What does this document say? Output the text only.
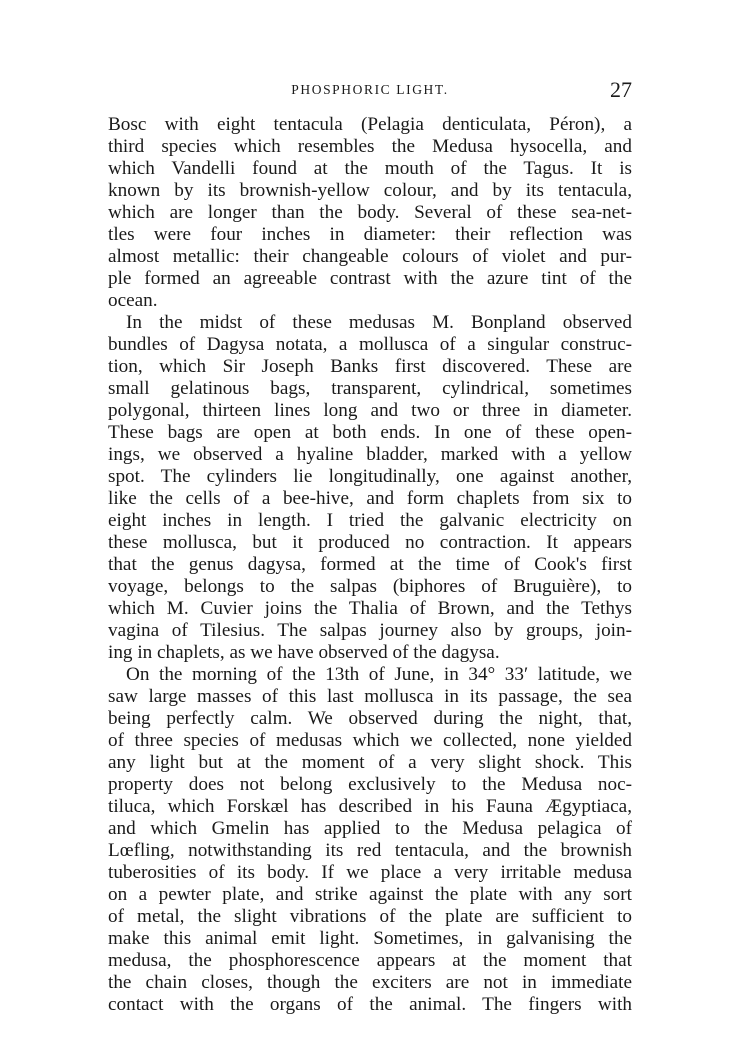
PHOSPHORIC LIGHT.	27
Bosc with eight tentacula (Pelagia denticulata, Péron), a
third species which resembles the Medusa hysocella, and
which Vandelli found at the mouth of the Tagus. It is
known by its brownish-yellow colour, and by its tentacula,
which are longer than the body. Several of these sea-net-
tles were four inches in diameter: their reflection was
almost metallic: their changeable colours of violet and pur-
ple formed an agreeable contrast with the azure tint of the
ocean.
In the midst of these medusas M. Bonpland observed
bundles of Dagysa notata, a mollusca of a singular construc-
tion, which Sir Joseph Banks first discovered. These are
small gelatinous bags, transparent, cylindrical, sometimes
polygonal, thirteen lines long and two or three in diameter.
These bags are open at both ends. In one of these open-
ings, we observed a hyaline bladder, marked with a yellow
spot. The cylinders lie longitudinally, one against another,
like the cells of a bee-hive, and form chaplets from six to
eight inches in length. I tried the galvanic electricity on
these mollusca, but it produced no contraction. It appears
that the genus dagysa, formed at the time of Cook's first
voyage, belongs to the salpas (biphores of Bruguière), to
which M. Cuvier joins the Thalia of Brown, and the Tethys
vagina of Tilesius. The salpas journey also by groups, join-
ing in chaplets, as we have observed of the dagysa.
On the morning of the 13th of June, in 34° 33′ latitude, we
saw large masses of this last mollusca in its passage, the sea
being perfectly calm. We observed during the night, that,
of three species of medusas which we collected, none yielded
any light but at the moment of a very slight shock. This
property does not belong exclusively to the Medusa noc-
tiluca, which Forskæl has described in his Fauna Ægyptiaca,
and which Gmelin has applied to the Medusa pelagica of
Lœfling, notwithstanding its red tentacula, and the brownish
tuberosities of its body. If we place a very irritable medusa
on a pewter plate, and strike against the plate with any sort
of metal, the slight vibrations of the plate are sufficient to
make this animal emit light. Sometimes, in galvanising the
medusa, the phosphorescence appears at the moment that
the chain closes, though the exciters are not in immediate
contact with the organs of the animal. The fingers with
